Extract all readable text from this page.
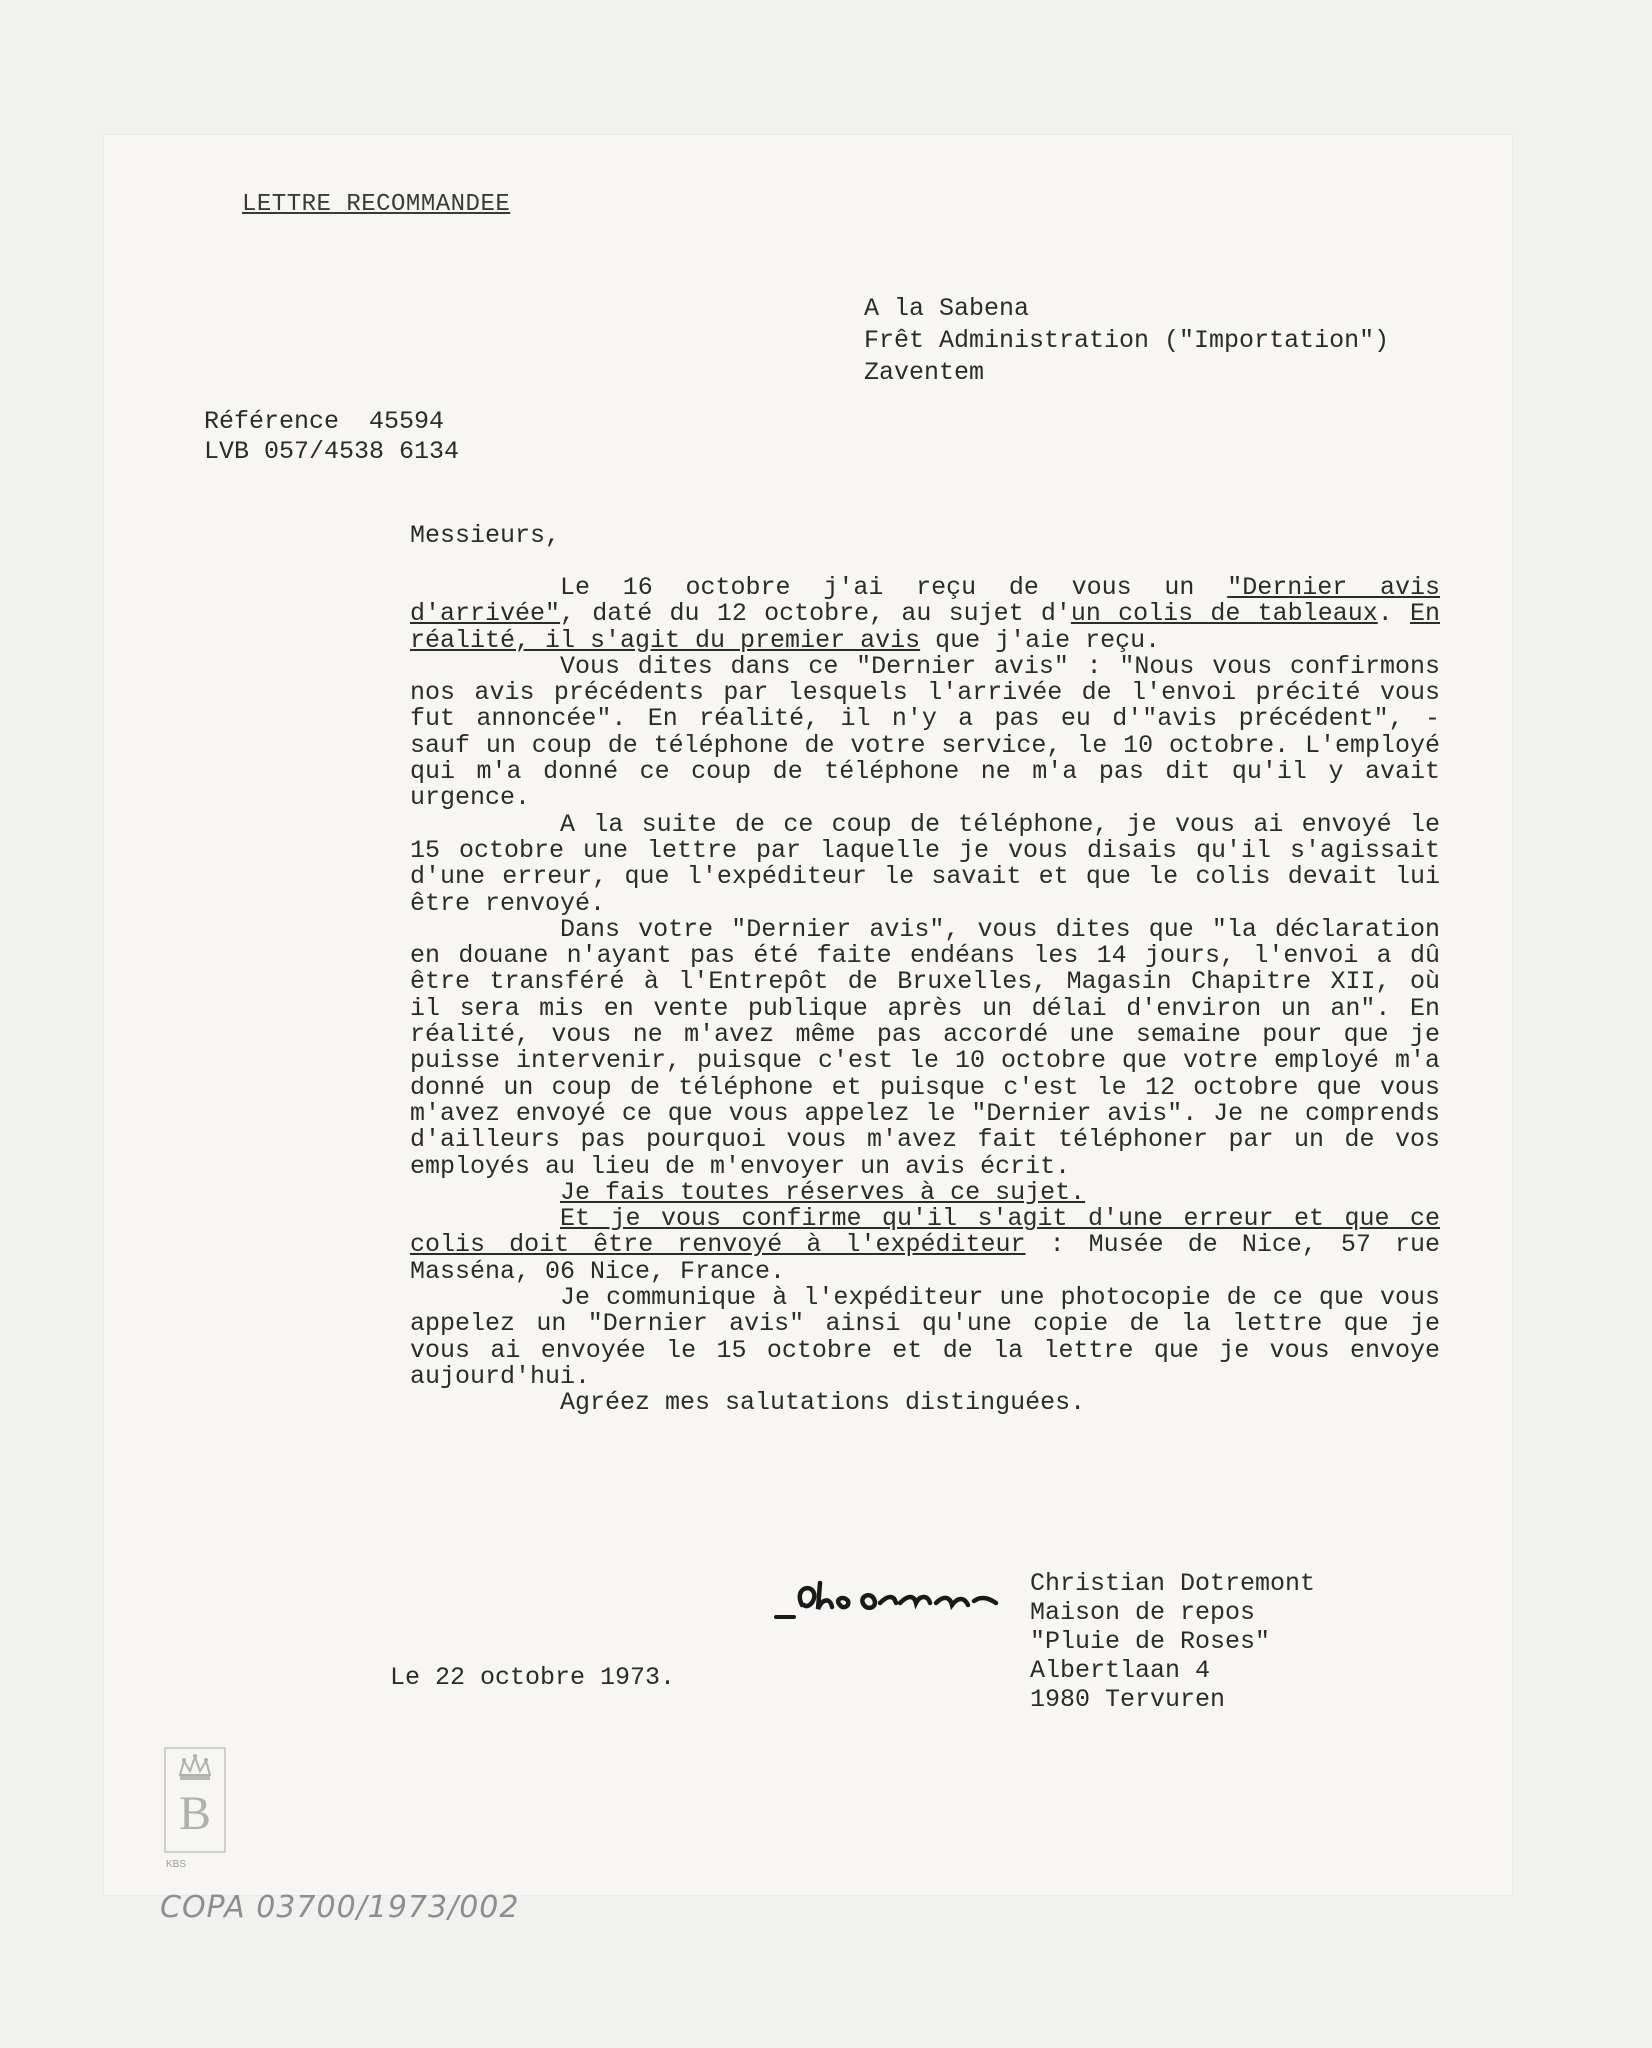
LETTRE RECOMMANDEE
A la Sabena
Frêt Administration ("Importation")
Zaventem
Référence  45594
LVB 057/4538 6134
Messieurs,

Le 16 octobre j'ai reçu de vous un "Dernier avis d'arrivée", daté du 12 octobre, au sujet d'un colis de tableaux. En réalité, il s'agit du premier avis que j'aie reçu.

Vous dites dans ce "Dernier avis" : "Nous vous confirmons nos avis précédents par lesquels l'arrivée de l'envoi précité vous fut annoncée". En réalité, il n'y a pas eu d'"avis précédent", - sauf un coup de téléphone de votre service, le 10 octobre. L'employé qui m'a donné ce coup de téléphone ne m'a pas dit qu'il y avait urgence.

A la suite de ce coup de téléphone, je vous ai envoyé le 15 octobre une lettre par laquelle je vous disais qu'il s'agissait d'une erreur, que l'expéditeur le savait et que le colis devait lui être renvoyé.

Dans votre "Dernier avis", vous dites que "la déclaration en douane n'ayant pas été faite endéans les 14 jours, l'envoi a dû être transféré à l'Entrepôt de Bruxelles, Magasin Chapitre XII, où il sera mis en vente publique après un délai d'environ un an". En réalité, vous ne m'avez même pas accordé une semaine pour que je puisse intervenir, puisque c'est le 10 octobre que votre employé m'a donné un coup de téléphone et puisque c'est le 12 octobre que vous m'avez envoyé ce que vous appelez le "Dernier avis". Je ne comprends d'ailleurs pas pourquoi vous m'avez fait téléphoner par un de vos employés au lieu de m'envoyer un avis écrit.

Je fais toutes réserves à ce sujet.

Et je vous confirme qu'il s'agit d'une erreur et que ce colis doit être renvoyé à l'expéditeur : Musée de Nice, 57 rue Masséna, 06 Nice, France.

Je communique à l'expéditeur une photocopie de ce que vous appelez un "Dernier avis" ainsi qu'une copie de la lettre que je vous ai envoyée le 15 octobre et de la lettre que je vous envoye aujourd'hui.

Agréez mes salutations distinguées.

Christian Dotremont
Maison de repos
"Pluie de Roses"
Albertlaan 4
1980 Tervuren
Le 22 octobre 1973.
B
KBS
COPA 03700/1973/002
